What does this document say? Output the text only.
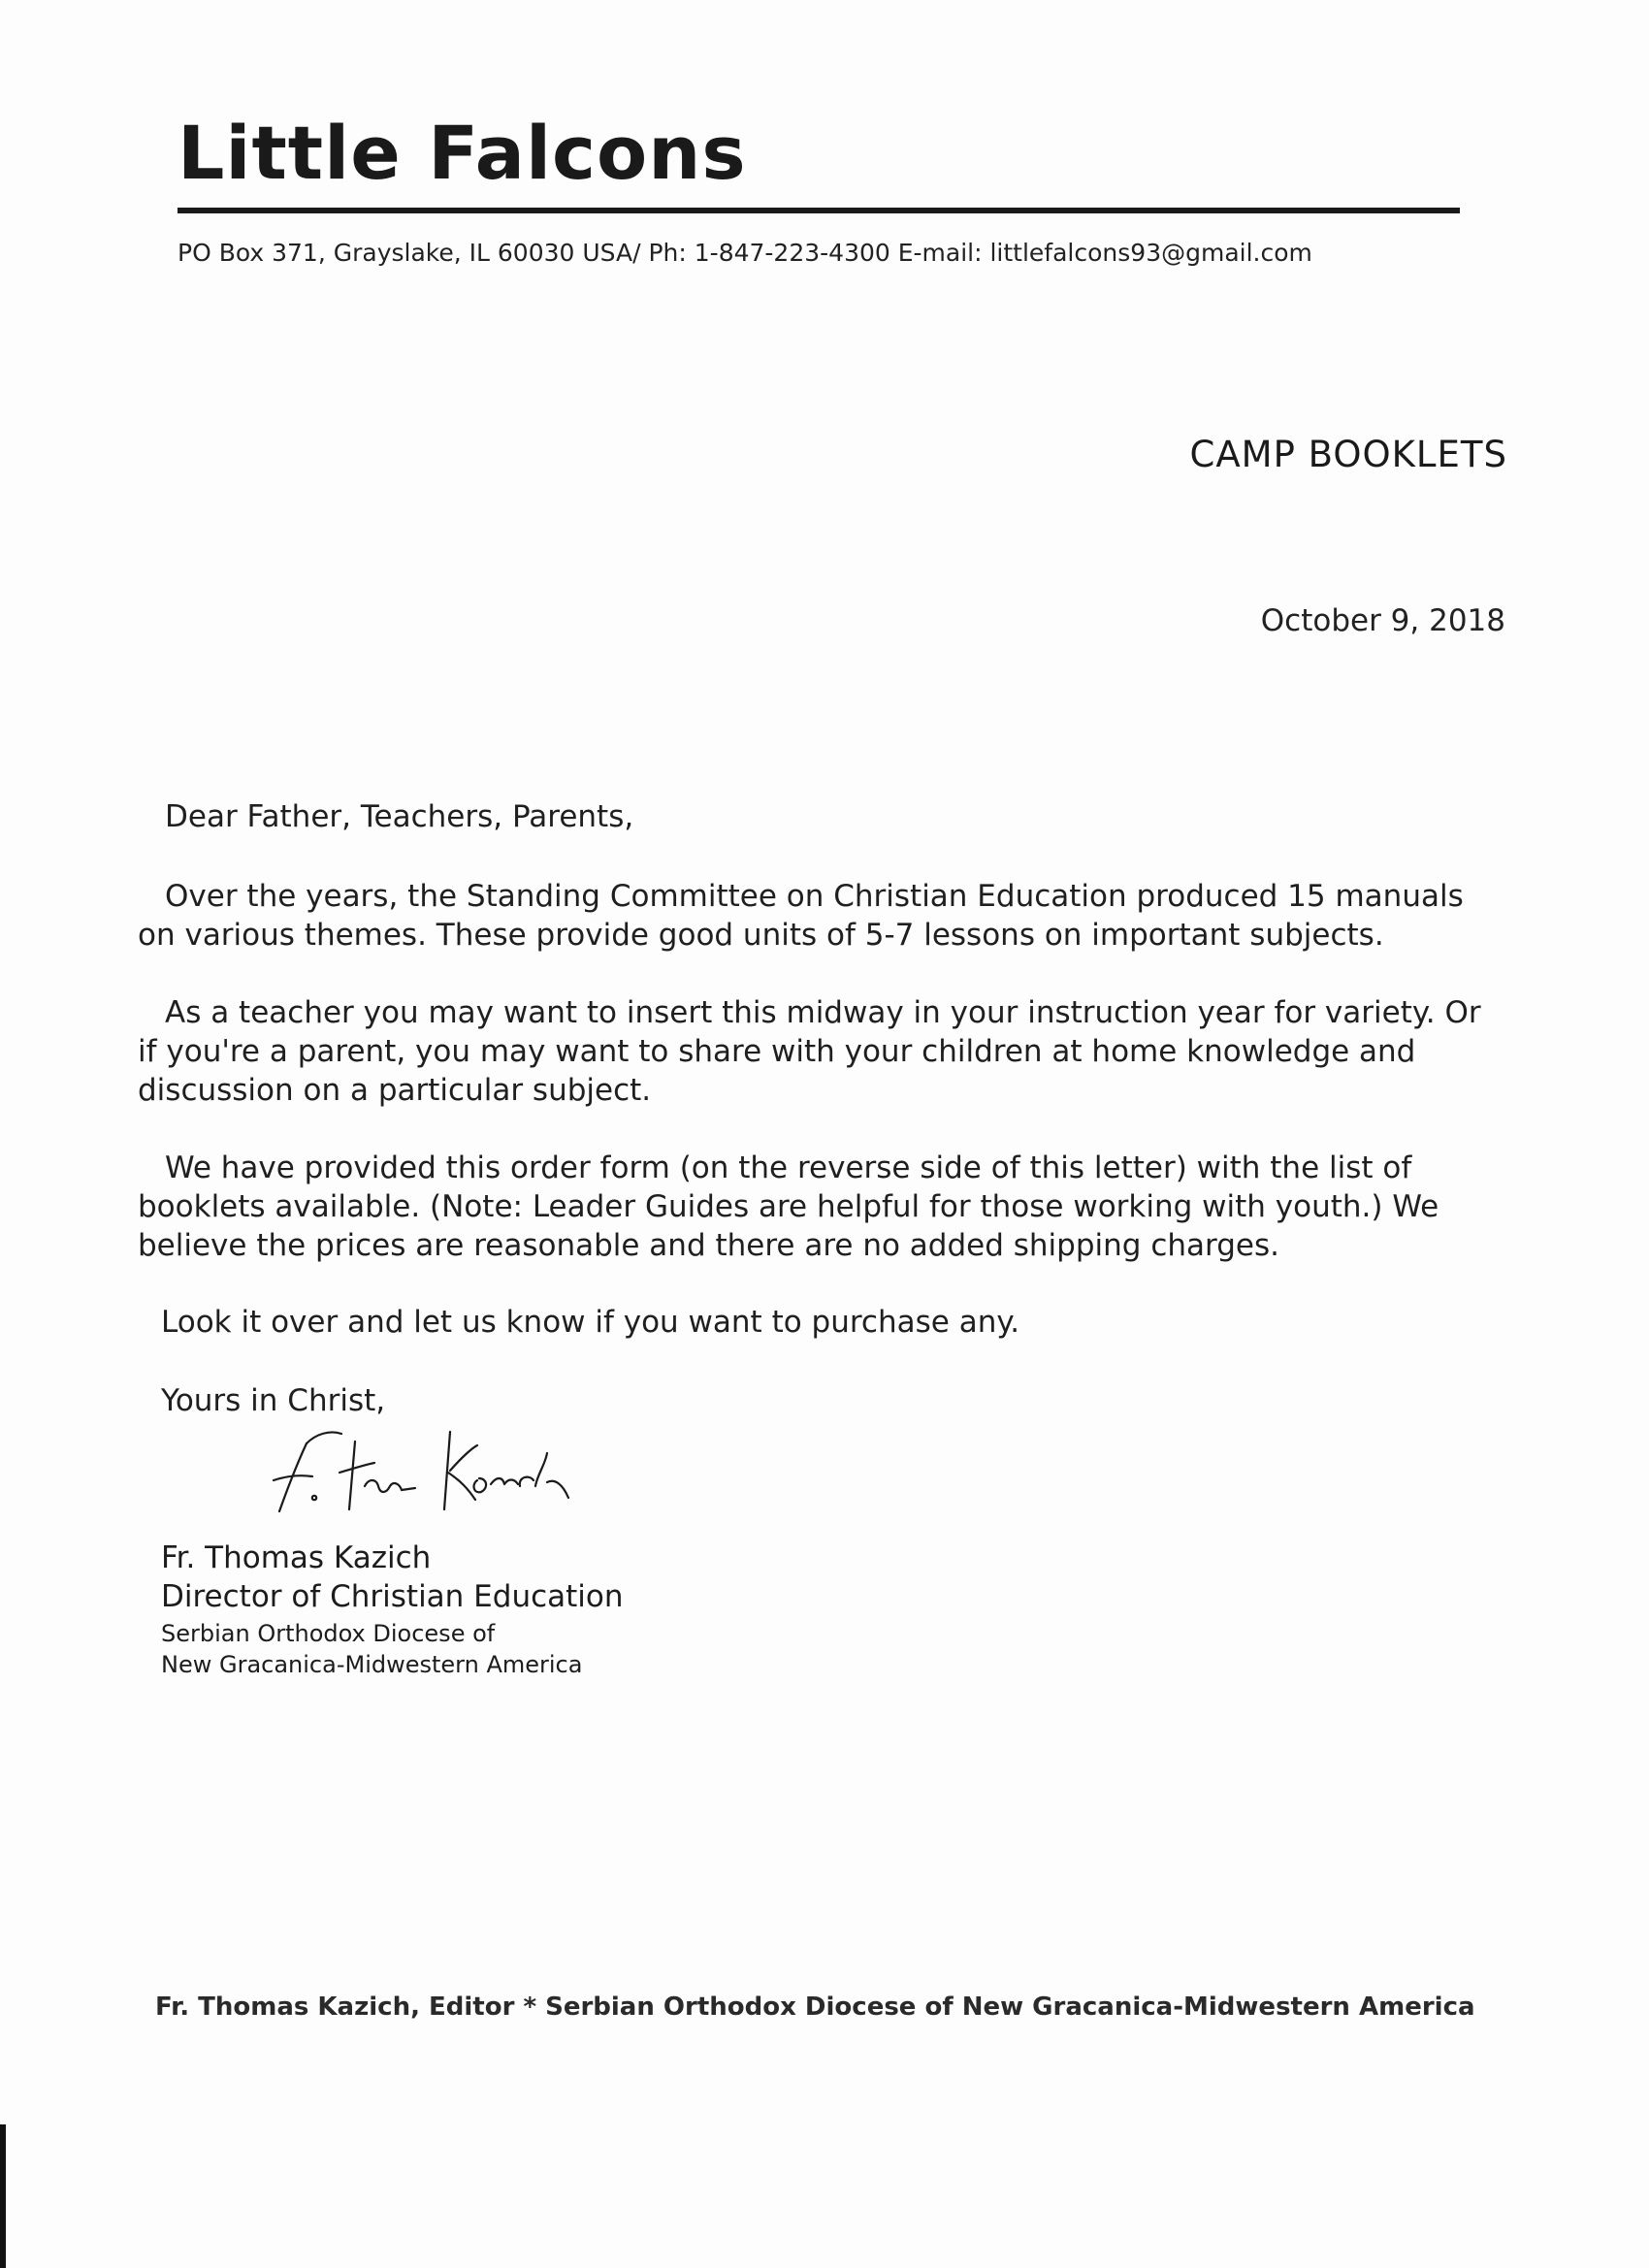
Little Falcons
PO Box 371, Grayslake, IL 60030 USA/ Ph: 1-847-223-4300 E-mail: littlefalcons93@gmail.com
CAMP BOOKLETS
October 9, 2018
Dear Father, Teachers, Parents,

Over the years, the Standing Committee on Christian Education produced 15 manuals on various themes. These provide good units of 5-7 lessons on important subjects.

As a teacher you may want to insert this midway in your instruction year for variety. Or if you're a parent, you may want to share with your children at home knowledge and discussion on a particular subject.

We have provided this order form (on the reverse side of this letter) with the list of booklets available. (Note: Leader Guides are helpful for those working with youth.) We believe the prices are reasonable and there are no added shipping charges.

Look it over and let us know if you want to purchase any.
Yours in Christ,
Fr. Thomas Kazich
Director of Christian Education
Serbian Orthodox Diocese of
New Gracanica-Midwestern America
Fr. Thomas Kazich, Editor * Serbian Orthodox Diocese of New Gracanica-Midwestern America
